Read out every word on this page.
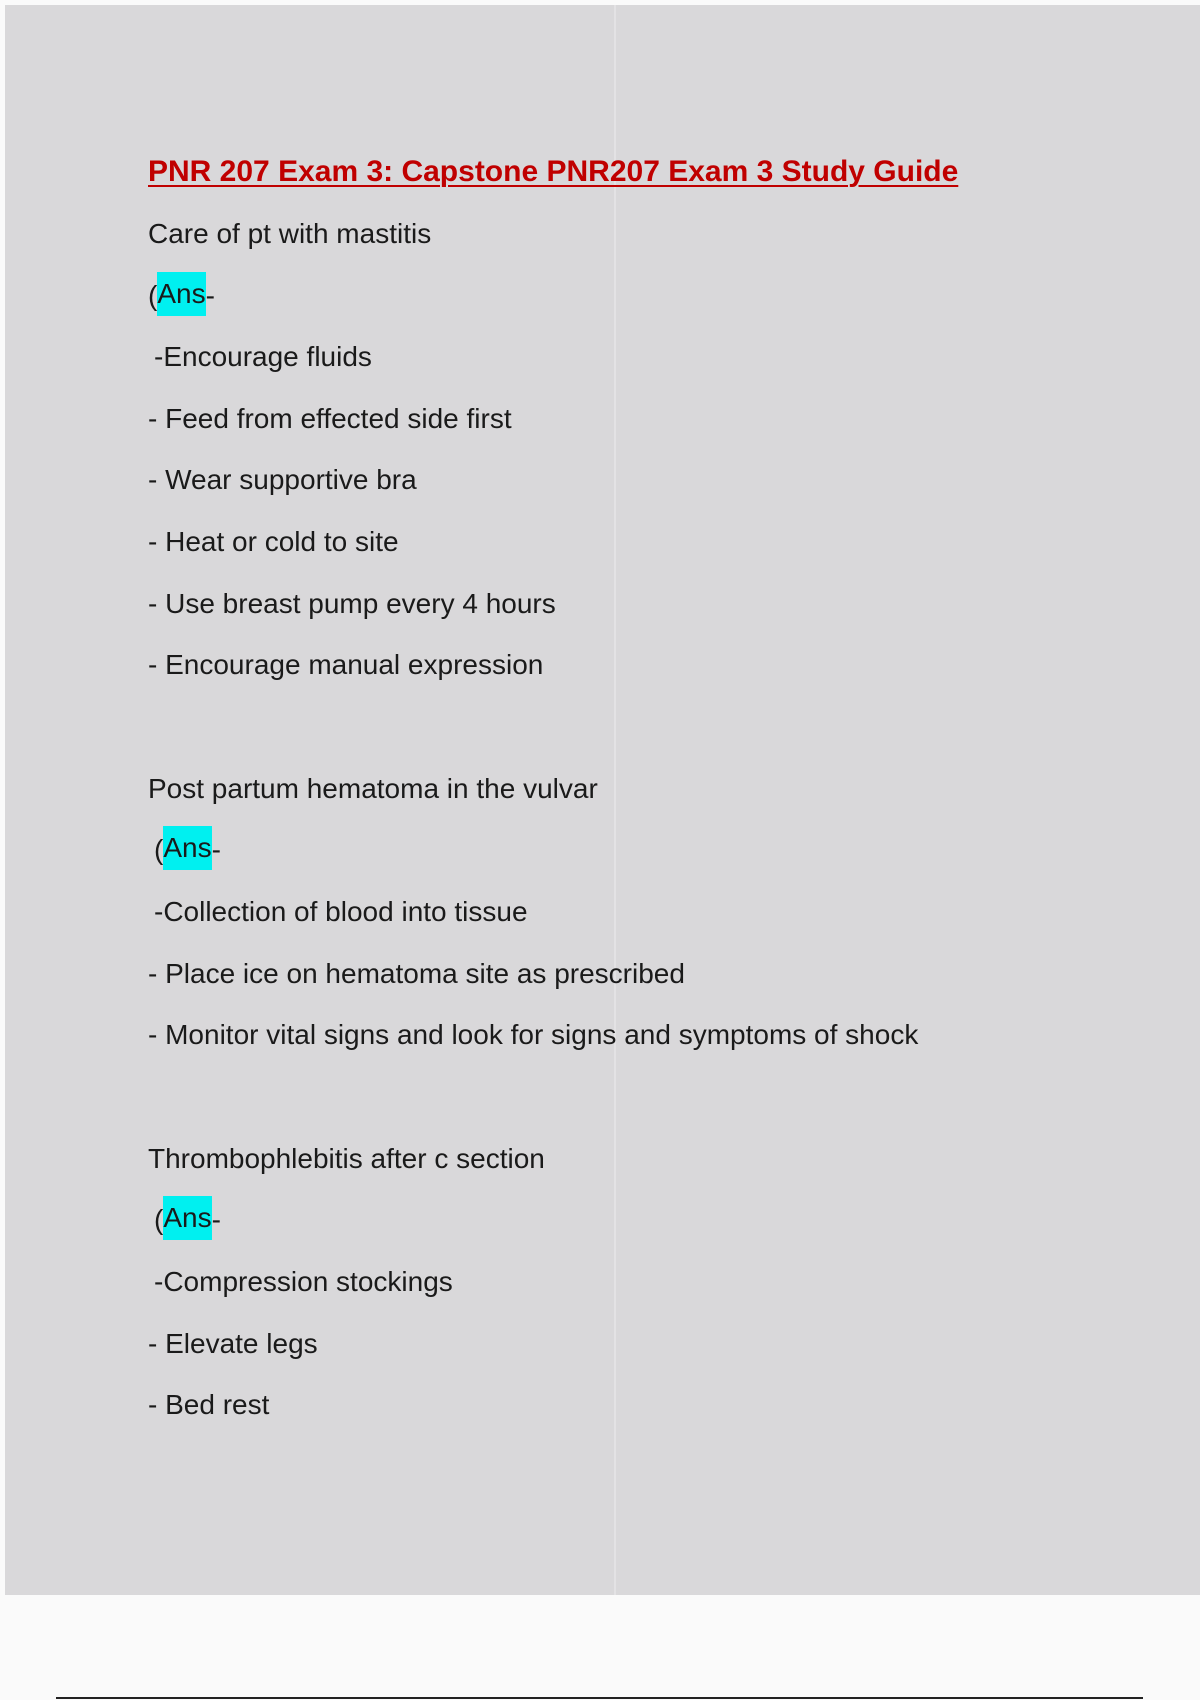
PNR 207 Exam 3: Capstone PNR207 Exam 3 Study Guide
Care of pt with mastitis
( Ans -
-Encourage fluids
- Feed from effected side first
- Wear supportive bra
- Heat or cold to site
- Use breast pump every 4 hours
- Encourage manual expression
Post partum hematoma in the vulvar
( Ans -
-Collection of blood into tissue
- Place ice on hematoma site as prescribed
- Monitor vital signs and look for signs and symptoms of shock
Thrombophlebitis after c section
( Ans -
-Compression stockings
- Elevate legs
- Bed rest
